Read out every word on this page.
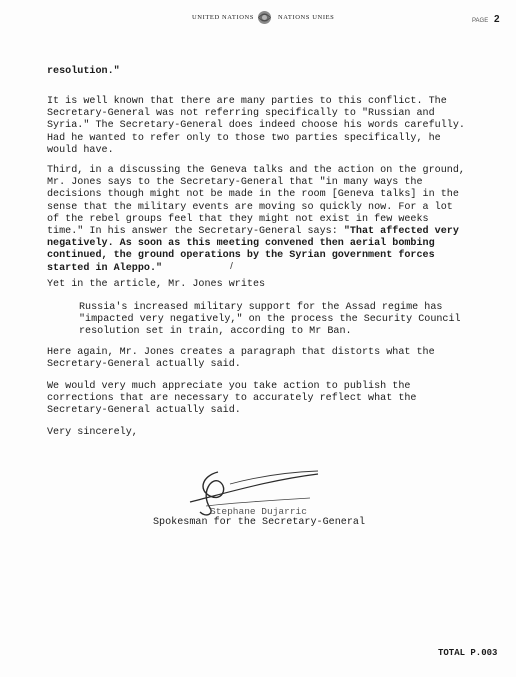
UNITED NATIONS	NATIONS UNIES	PAGE 2
resolution."
It is well known that there are many parties to this conflict. The
Secretary-General was not referring specifically to "Russian and
Syria." The Secretary-General does indeed choose his words carefully.
Had he wanted to refer only to those two parties specifically, he
would have.
Third, in a discussing the Geneva talks and the action on the ground,
Mr. Jones says to the Secretary-General that "in many ways the
decisions though might not be made in the room [Geneva talks] in the
sense that the military events are moving so quickly now. For a lot
of the rebel groups feel that they might not exist in few weeks
time." In his answer the Secretary-General says: "That affected very
negatively. As soon as this meeting convened then aerial bombing
continued, the ground operations by the Syrian government forces
started in Aleppo."
Yet in the article, Mr. Jones writes
Russia's increased military support for the Assad regime has
"impacted very negatively," on the process the Security Council
resolution set in train, according to Mr Ban.
Here again, Mr. Jones creates a paragraph that distorts what the
Secretary-General actually said.
We would very much appreciate you take action to publish the
corrections that are necessary to accurately reflect what the
Secretary-General actually said.
Very sincerely,
Stephane Dujarric
Spokesman for the Secretary-General
TOTAL P.003
